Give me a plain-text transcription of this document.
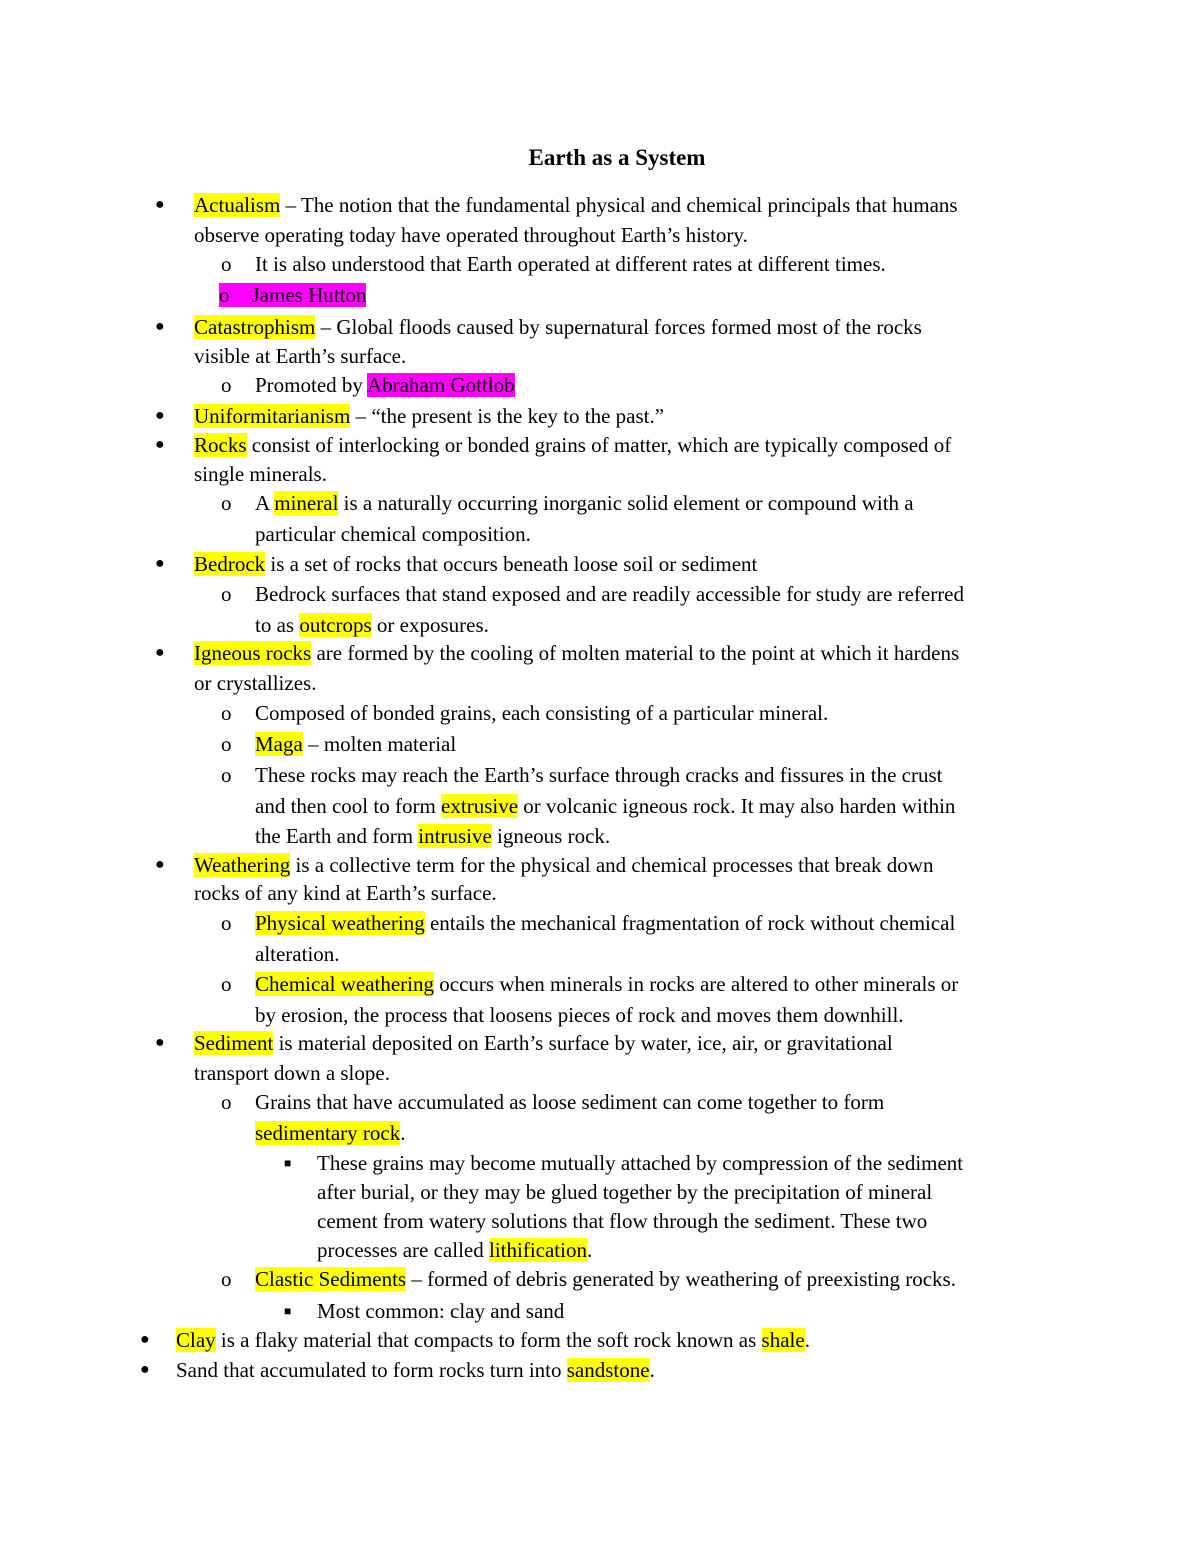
Earth as a System
● Actualism – The notion that the fundamental physical and chemical principals that humans

observe operating today have operated throughout Earth’s history.

o It is also understood that Earth operated at different rates at different times.

o James Hutton

● Catastrophism – Global floods caused by supernatural forces formed most of the rocks

visible at Earth’s surface.

o Promoted by Abraham Gottlob

● Uniformitarianism – “the present is the key to the past.”

● Rocks consist of interlocking or bonded grains of matter, which are typically composed of

single minerals.

o A mineral is a naturally occurring inorganic solid element or compound with a

particular chemical composition.

● Bedrock is a set of rocks that occurs beneath loose soil or sediment

o Bedrock surfaces that stand exposed and are readily accessible for study are referred

to as outcrops or exposures.

● Igneous rocks are formed by the cooling of molten material to the point at which it hardens

or crystallizes.

o Composed of bonded grains, each consisting of a particular mineral.

o Maga – molten material

o These rocks may reach the Earth’s surface through cracks and fissures in the crust

and then cool to form extrusive or volcanic igneous rock. It may also harden within

the Earth and form intrusive igneous rock.

● Weathering is a collective term for the physical and chemical processes that break down

rocks of any kind at Earth’s surface.

o Physical weathering entails the mechanical fragmentation of rock without chemical

alteration.

o Chemical weathering occurs when minerals in rocks are altered to other minerals or

by erosion, the process that loosens pieces of rock and moves them downhill.

● Sediment is material deposited on Earth’s surface by water, ice, air, or gravitational

transport down a slope.

o Grains that have accumulated as loose sediment can come together to form

sedimentary rock.

■ These grains may become mutually attached by compression of the sediment

after burial, or they may be glued together by the precipitation of mineral

cement from watery solutions that flow through the sediment. These two

processes are called lithification.

o Clastic Sediments – formed of debris generated by weathering of preexisting rocks.

■ Most common: clay and sand

● Clay is a flaky material that compacts to form the soft rock known as shale.

● Sand that accumulated to form rocks turn into sandstone.
